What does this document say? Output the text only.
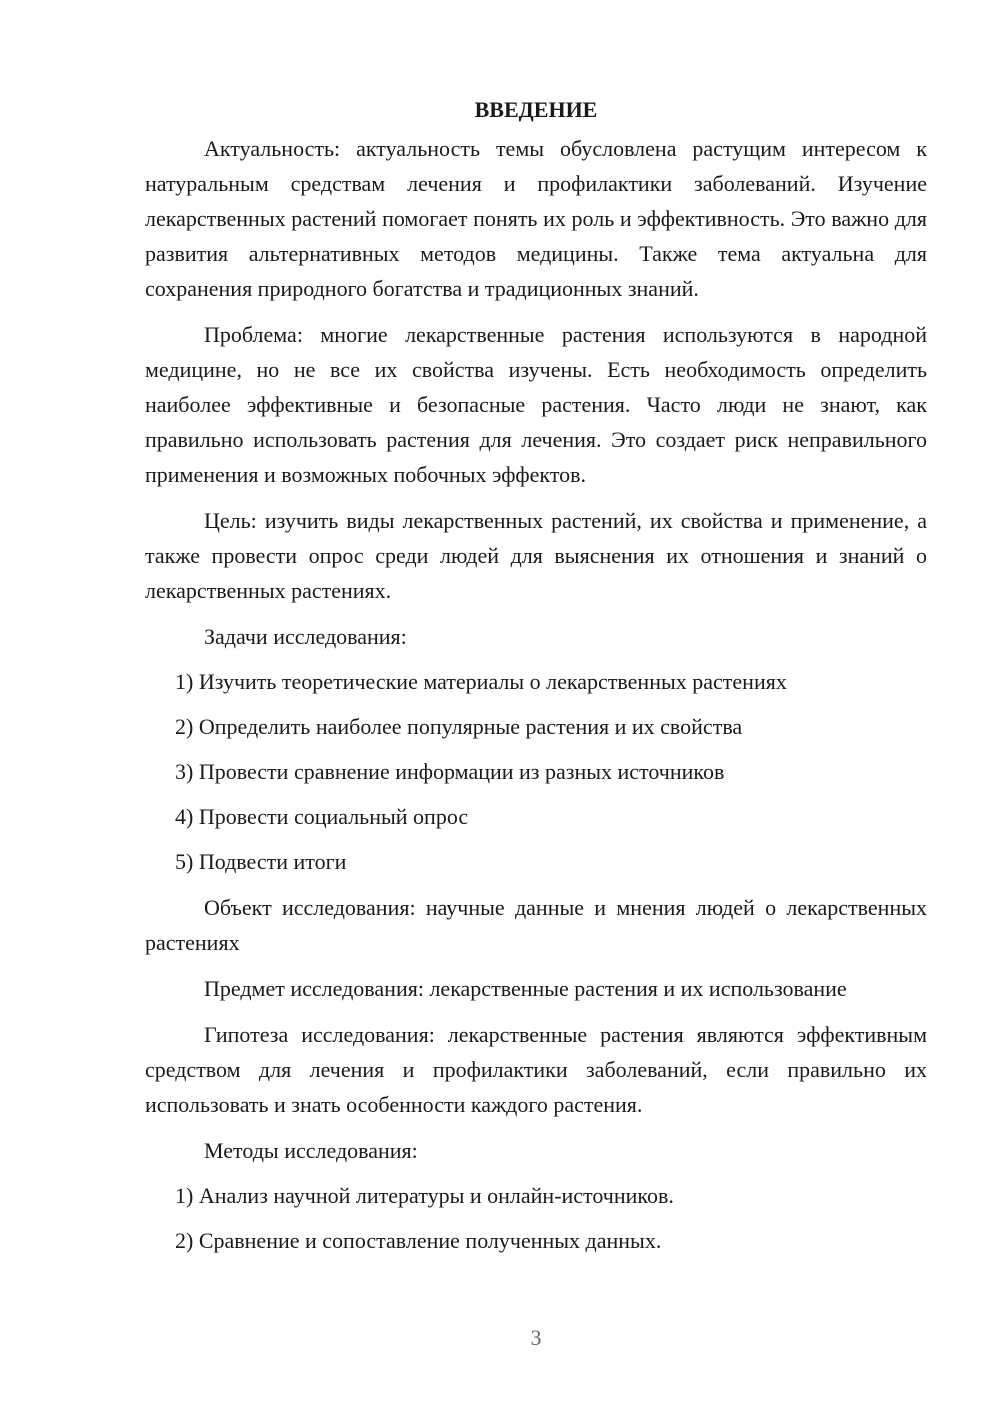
ВВЕДЕНИЕ

Актуальность: актуальность темы обусловлена растущим интересом к натуральным средствам лечения и профилактики заболеваний. Изучение лекарственных растений помогает понять их роль и эффективность. Это важно для развития альтернативных методов медицины. Также тема актуальна для сохранения природного богатства и традиционных знаний.

Проблема: многие лекарственные растения используются в народной медицине, но не все их свойства изучены. Есть необходимость определить наиболее эффективные и безопасные растения. Часто люди не знают, как правильно использовать растения для лечения. Это создает риск неправильного применения и возможных побочных эффектов.

Цель: изучить виды лекарственных растений, их свойства и применение, а также провести опрос среди людей для выяснения их отношения и знаний о лекарственных растениях.

Задачи исследования:

1) Изучить теоретические материалы о лекарственных растениях

2) Определить наиболее популярные растения и их свойства

3) Провести сравнение информации из разных источников

4) Провести социальный опрос

5) Подвести итоги

Объект исследования: научные данные и мнения людей о лекарственных растениях

Предмет исследования: лекарственные растения и их использование

Гипотеза исследования: лекарственные растения являются эффективным средством для лечения и профилактики заболеваний, если правильно их использовать и знать особенности каждого растения.

Методы исследования:

1) Анализ научной литературы и онлайн-источников.

2) Сравнение и сопоставление полученных данных.

3
